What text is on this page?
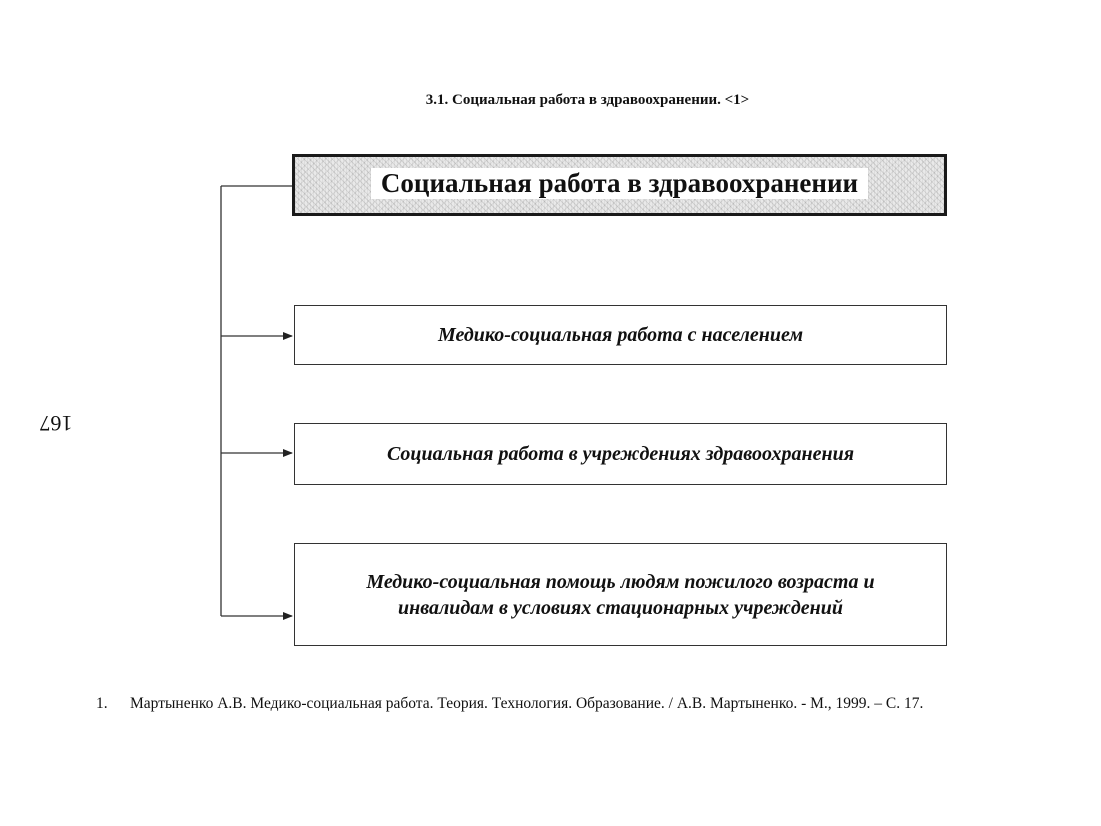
3.1. Социальная работа в здравоохранении. <1>
167
Социальная работа в здравоохранении
Медико-социальная работа с населением
Социальная работа в учреждениях здравоохранения
Медико-социальная помощь людям пожилого возраста и инвалидам в условиях стационарных учреждений
1.	Мартыненко А.В. Медико-социальная работа. Теория. Технология. Образование. / А.В. Мартыненко. - М., 1999. – С. 17.
